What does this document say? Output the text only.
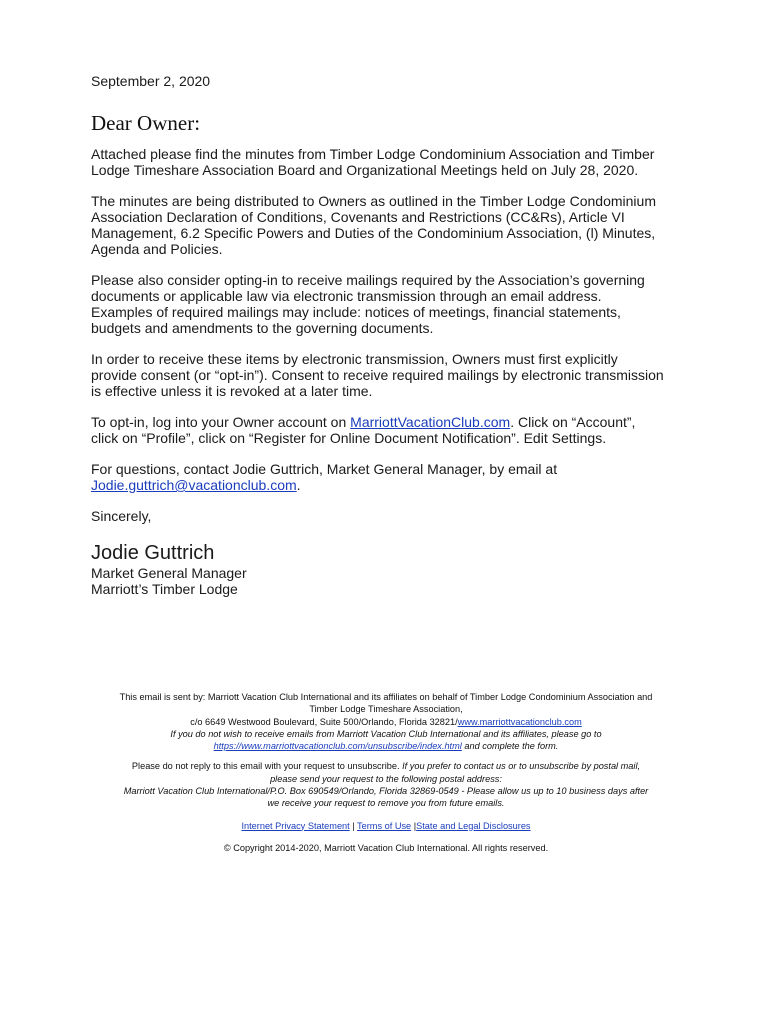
September 2, 2020

Dear Owner:

Attached please find the minutes from Timber Lodge Condominium Association and Timber Lodge Timeshare Association Board and Organizational Meetings held on July 28, 2020.

The minutes are being distributed to Owners as outlined in the Timber Lodge Condominium Association Declaration of Conditions, Covenants and Restrictions (CC&Rs), Article VI Management, 6.2 Specific Powers and Duties of the Condominium Association, (l) Minutes, Agenda and Policies.

Please also consider opting-in to receive mailings required by the Association’s governing documents or applicable law via electronic transmission through an email address. Examples of required mailings may include: notices of meetings, financial statements, budgets and amendments to the governing documents.

In order to receive these items by electronic transmission, Owners must first explicitly provide consent (or “opt-in”). Consent to receive required mailings by electronic transmission is effective unless it is revoked at a later time.

To opt-in, log into your Owner account on MarriottVacationClub.com. Click on “Account”, click on “Profile”, click on “Register for Online Document Notification”. Edit Settings.

For questions, contact Jodie Guttrich, Market General Manager, by email at Jodie.guttrich@vacationclub.com.

Sincerely,

Jodie Guttrich

Market General Manager

Marriott’s Timber Lodge

This email is sent by: Marriott Vacation Club International and its affiliates on behalf of Timber Lodge Condominium Association and

Timber Lodge Timeshare Association,

c/o 6649 Westwood Boulevard, Suite 500/Orlando, Florida 32821/www.marriottvacationclub.com

If you do not wish to receive emails from Marriott Vacation Club International and its affiliates, please go to

https://www.marriottvacationclub.com/unsubscribe/index.html and complete the form.

Please do not reply to this email with your request to unsubscribe. If you prefer to contact us or to unsubscribe by postal mail,

please send your request to the following postal address:

Marriott Vacation Club International/P.O. Box 690549/Orlando, Florida 32869-0549 - Please allow us up to 10 business days after

we receive your request to remove you from future emails.

Internet Privacy Statement | Terms of Use |State and Legal Disclosures

© Copyright 2014-2020, Marriott Vacation Club International. All rights reserved.
